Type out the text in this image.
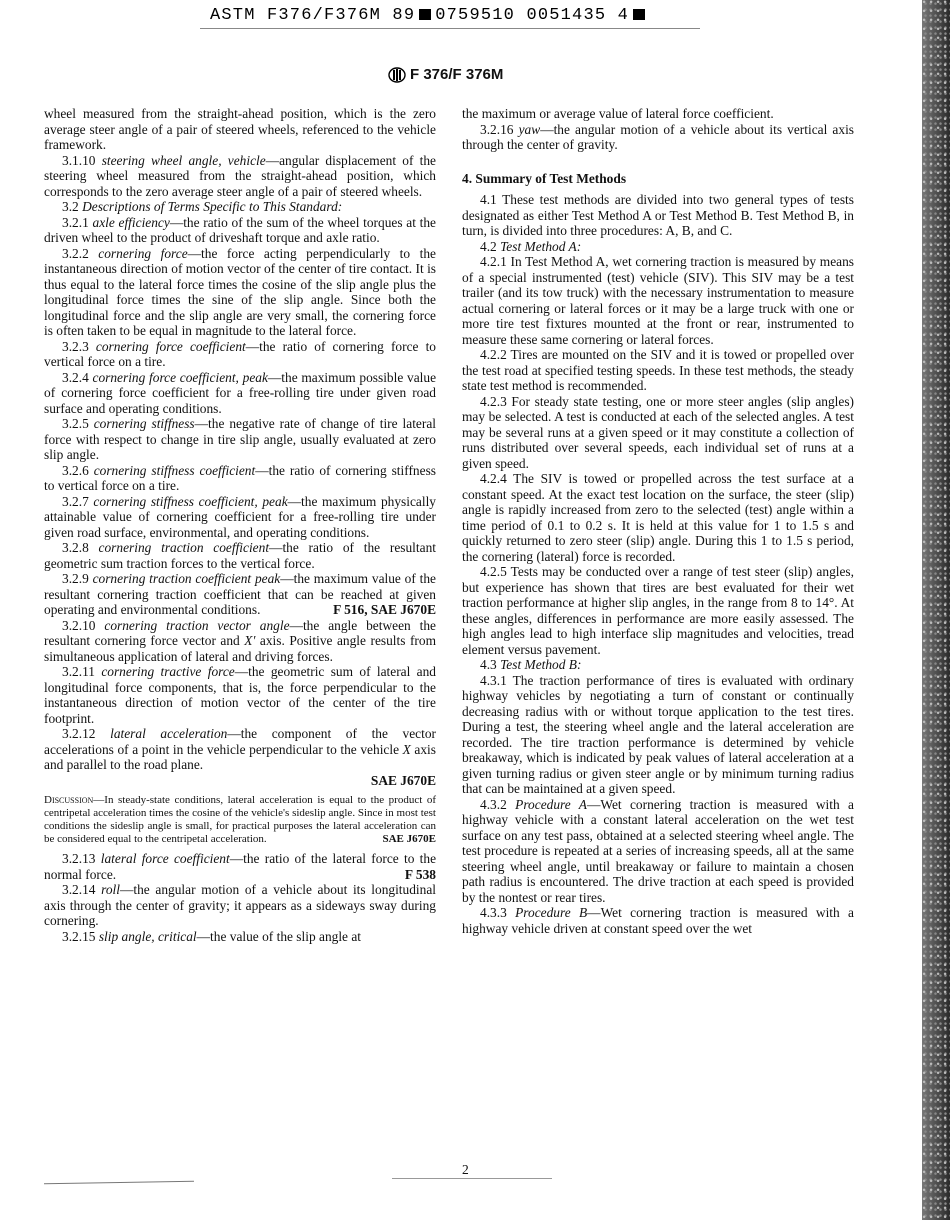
ASTM F376/F376M 89 0759510 0051435 4
F 376/F 376M

wheel measured from the straight-ahead position, which is the zero average steer angle of a pair of steered wheels, referenced to the vehicle framework.

3.1.10 steering wheel angle, vehicle—angular displacement of the steering wheel measured from the straight-ahead position, which corresponds to the zero average steer angle of a pair of steered wheels.

3.2 Descriptions of Terms Specific to This Standard:

3.2.1 axle efficiency—the ratio of the sum of the wheel torques at the driven wheel to the product of driveshaft torque and axle ratio.

3.2.2 cornering force—the force acting perpendicularly to the instantaneous direction of motion vector of the center of tire contact. It is thus equal to the lateral force times the cosine of the slip angle plus the longitudinal force times the sine of the slip angle. Since both the longitudinal force and the slip angle are very small, the cornering force is often taken to be equal in magnitude to the lateral force.

3.2.3 cornering force coefficient—the ratio of cornering force to vertical force on a tire.

3.2.4 cornering force coefficient, peak—the maximum possible value of cornering force coefficient for a free-rolling tire under given road surface and operating conditions.

3.2.5 cornering stiffness—the negative rate of change of tire lateral force with respect to change in tire slip angle, usually evaluated at zero slip angle.

3.2.6 cornering stiffness coefficient—the ratio of cornering stiffness to vertical force on a tire.

3.2.7 cornering stiffness coefficient, peak—the maximum physically attainable value of cornering coefficient for a free-rolling tire under given road surface, environmental, and operating conditions.

3.2.8 cornering traction coefficient—the ratio of the resultant geometric sum traction forces to the vertical force.

3.2.9 cornering traction coefficient peak—the maximum value of the resultant cornering traction coefficient that can be reached at given operating and environmental conditions.	F 516, SAE J670E

3.2.10 cornering traction vector angle—the angle between the resultant cornering force vector and X′ axis. Positive angle results from simultaneous application of lateral and driving forces.

3.2.11 cornering tractive force—the geometric sum of lateral and longitudinal force components, that is, the force perpendicular to the instantaneous direction of motion vector of the center of the tire footprint.

3.2.12 lateral acceleration—the component of the vector accelerations of a point in the vehicle perpendicular to the vehicle X axis and parallel to the road plane.

SAE J670E

Discussion—In steady-state conditions, lateral acceleration is equal to the product of centripetal acceleration times the cosine of the vehicle's sideslip angle. Since in most test conditions the sideslip angle is small, for practical purposes the lateral acceleration can be considered equal to the centripetal acceleration.	SAE J670E

3.2.13 lateral force coefficient—the ratio of the lateral force to the normal force.	F 538

3.2.14 roll—the angular motion of a vehicle about its longitudinal axis through the center of gravity; it appears as a sideways sway during cornering.

3.2.15 slip angle, critical—the value of the slip angle at

the maximum or average value of lateral force coefficient.

3.2.16 yaw—the angular motion of a vehicle about its vertical axis through the center of gravity.

4. Summary of Test Methods

4.1 These test methods are divided into two general types of tests designated as either Test Method A or Test Method B. Test Method B, in turn, is divided into three procedures: A, B, and C.

4.2 Test Method A:

4.2.1 In Test Method A, wet cornering traction is measured by means of a special instrumented (test) vehicle (SIV). This SIV may be a test trailer (and its tow truck) with the necessary instrumentation to measure actual cornering or lateral forces or it may be a large truck with one or more tire test fixtures mounted at the front or rear, instrumented to measure these same cornering or lateral forces.

4.2.2 Tires are mounted on the SIV and it is towed or propelled over the test road at specified testing speeds. In these test methods, the steady state test method is recommended.

4.2.3 For steady state testing, one or more steer angles (slip angles) may be selected. A test is conducted at each of the selected angles. A test may be several runs at a given speed or it may constitute a collection of runs distributed over several speeds, each individual set of runs at a given speed.

4.2.4 The SIV is towed or propelled across the test surface at a constant speed. At the exact test location on the surface, the steer (slip) angle is rapidly increased from zero to the selected (test) angle within a time period of 0.1 to 0.2 s. It is held at this value for 1 to 1.5 s and quickly returned to zero steer (slip) angle. During this 1 to 1.5 s period, the cornering (lateral) force is recorded.

4.2.5 Tests may be conducted over a range of test steer (slip) angles, but experience has shown that tires are best evaluated for their wet traction performance at higher slip angles, in the range from 8 to 14°. At these angles, differences in performance are more easily assessed. The high angles lead to high interface slip magnitudes and velocities, tread element versus pavement.

4.3 Test Method B:

4.3.1 The traction performance of tires is evaluated with ordinary highway vehicles by negotiating a turn of constant or continually decreasing radius with or without torque application to the test tires. During a test, the steering wheel angle and the lateral acceleration are recorded. The tire traction performance is determined by vehicle breakaway, which is indicated by peak values of lateral acceleration at a given turning radius or given steer angle or by minimum turning radius that can be maintained at a given speed.

4.3.2 Procedure A—Wet cornering traction is measured with a highway vehicle with a constant lateral acceleration on the wet test surface on any test pass, obtained at a selected steering wheel angle. The test procedure is repeated at a series of increasing speeds, all at the same steering wheel angle, until breakaway or failure to maintain a chosen path radius is encountered. The drive traction at each speed is provided by the nontest or rear tires.

4.3.3 Procedure B—Wet cornering traction is measured with a highway vehicle driven at constant speed over the wet

2
